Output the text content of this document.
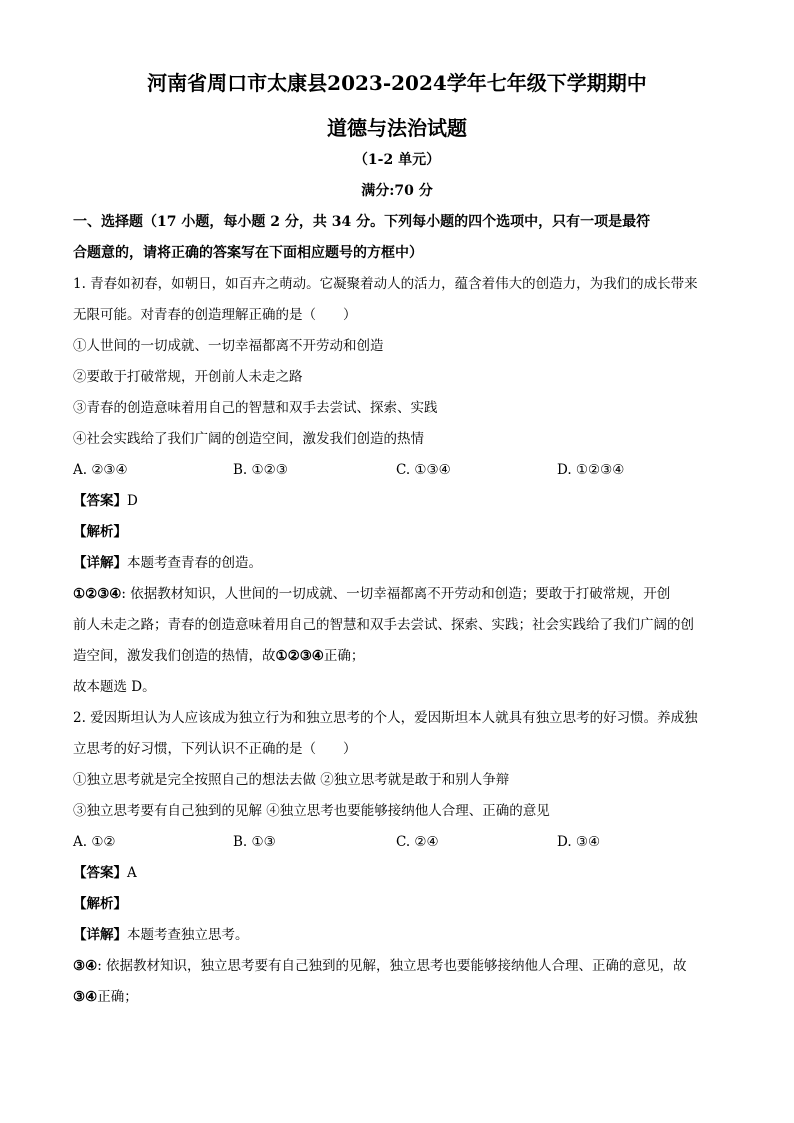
河南省周口市太康县2023-2024学年七年级下学期期中
道德与法治试题
（1-2 单元）
满分:70 分
一、选择题（17 小题，每小题 2 分，共 34 分。下列每小题的四个选项中，只有一项是最符
合题意的，请将正确的答案写在下面相应题号的方框中）
1. 青春如初春，如朝日，如百卉之萌动。它凝聚着动人的活力，蕴含着伟大的创造力，为我们的成长带来
无限可能。对青春的创造理解正确的是（　　）
①人世间的一切成就、一切幸福都离不开劳动和创造
②要敢于打破常规，开创前人未走之路
③青春的创造意味着用自己的智慧和双手去尝试、探索、实践
④社会实践给了我们广阔的创造空间，激发我们创造的热情
A. ②③④	B. ①②③	C. ①③④	D. ①②③④
【答案】D
【解析】
【详解】本题考查青春的创造。
①②③④: 依据教材知识，人世间的一切成就、一切幸福都离不开劳动和创造；要敢于打破常规，开创
前人未走之路；青春的创造意味着用自己的智慧和双手去尝试、探索、实践；社会实践给了我们广阔的创
造空间，激发我们创造的热情，故①②③④正确；
故本题选 D。
2. 爱因斯坦认为人应该成为独立行为和独立思考的个人，爱因斯坦本人就具有独立思考的好习惯。养成独
立思考的好习惯，下列认识不正确的是（　　）
①独立思考就是完全按照自己的想法去做 ②独立思考就是敢于和别人争辩
③独立思考要有自己独到的见解 ④独立思考也要能够接纳他人合理、正确的意见
A. ①②	B. ①③	C. ②④	D. ③④
【答案】A
【解析】
【详解】本题考查独立思考。
③④: 依据教材知识，独立思考要有自己独到的见解，独立思考也要能够接纳他人合理、正确的意见，故
③④正确；
